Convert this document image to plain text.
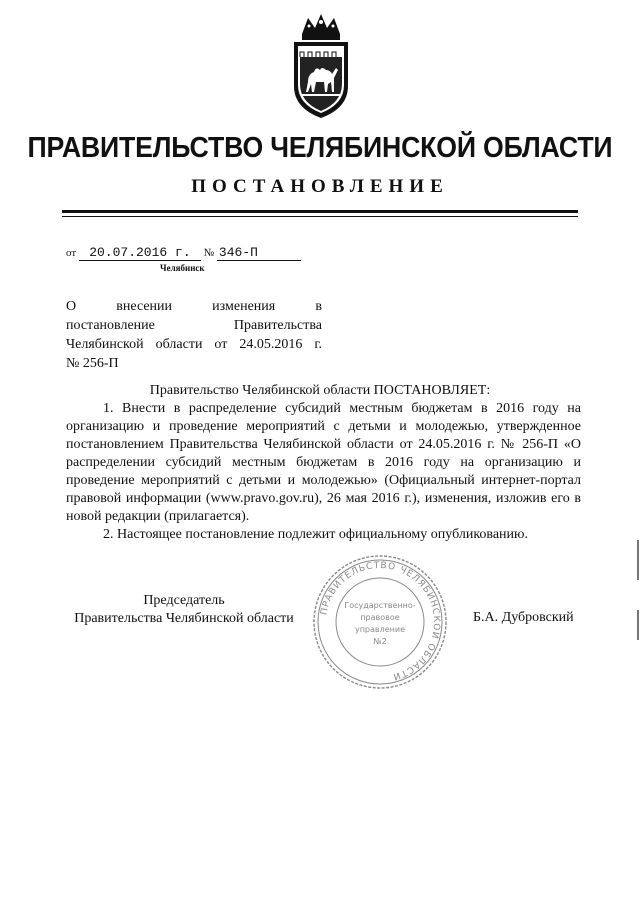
ПРАВИТЕЛЬСТВО ЧЕЛЯБИНСКОЙ ОБЛАСТИ
ПОСТАНОВЛЕНИЕ
от 20.07.2016 г. № 346-П
Челябинск
О внесении изменения в
постановление Правительства
Челябинской области от 24.05.2016 г.
№ 256-П
Правительство Челябинской области ПОСТАНОВЛЯЕТ:

1. Внести в распределение субсидий местным бюджетам в 2016 году на организацию и проведение мероприятий с детьми и молодежью, утвержденное постановлением Правительства Челябинской области от 24.05.2016 г. № 256-П «О распределении субсидий местным бюджетам в 2016 году на организацию и проведение мероприятий с детьми и молодежью» (Официальный интернет-портал правовой информации (www.pravo.gov.ru), 26 мая 2016 г.), изменения, изложив его в новой редакции (прилагается).

2. Настоящее постановление подлежит официальному опубликованию.

Председатель
Правительства Челябинской области	Б.А. Дубровский
ПРАВИТЕЛЬСТВО ЧЕЛЯБИНСКОЙ ОБЛАСТИ
Государственно-
правовое
управление
№2
